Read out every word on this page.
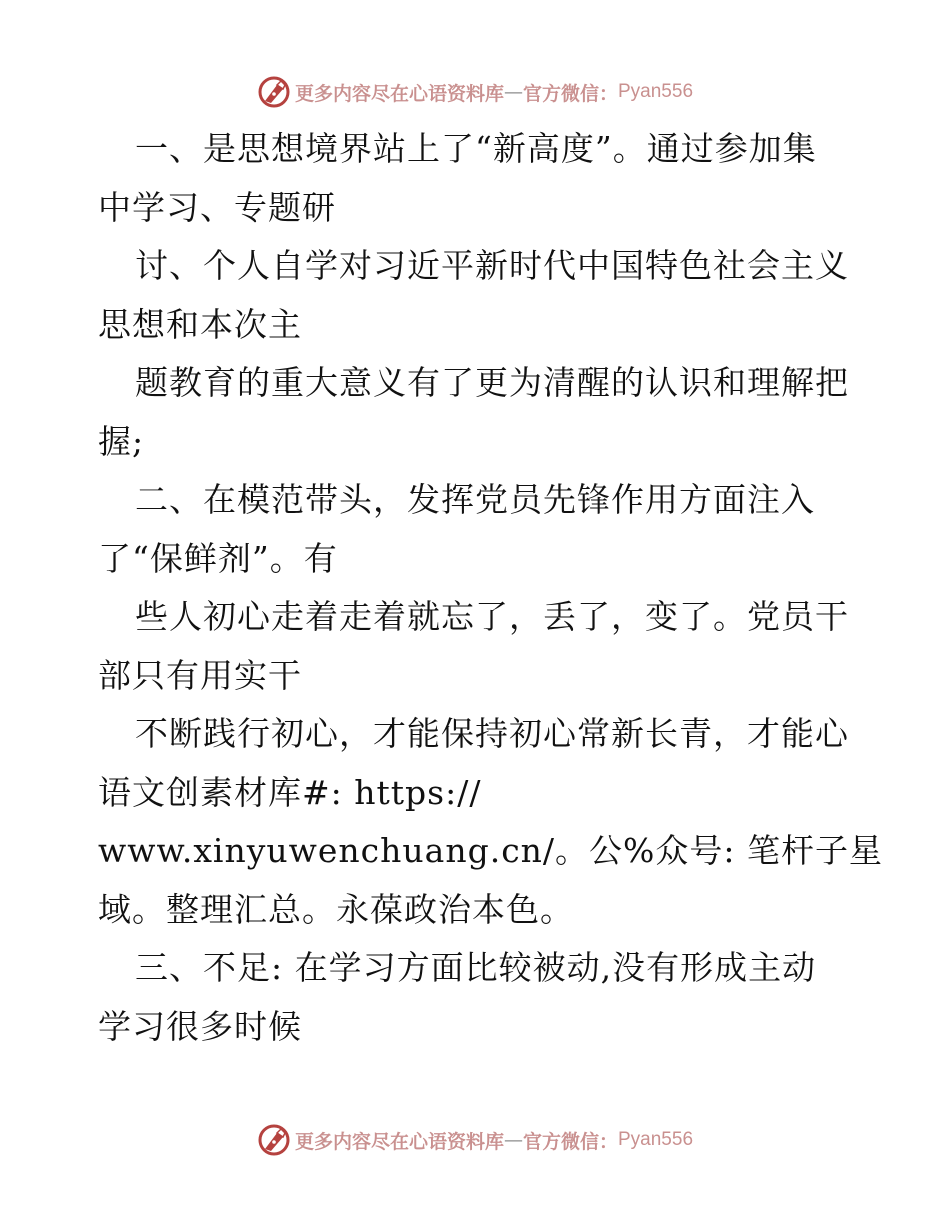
更多内容尽在心语资料库 — 官方微信： Pyan556
一、是思想境界站上了“新高度”。通过参加集
中学习、专题研
讨、个人自学对习近平新时代中国特色社会主义
思想和本次主
题教育的重大意义有了更为清醒的认识和理解把
握;
二、在模范带头，发挥党员先锋作用方面注入
了“保鲜剂”。有
些人初心走着走着就忘了，丢了，变了。党员干
部只有用实干
不断践行初心，才能保持初心常新长青，才能心
语文创素材库#: https://
www.xinyuwenchuang.cn/。公%众号: 笔杆子星
域。整理汇总。永葆政治本色。
三、不足: 在学习方面比较被动,没有形成主动
学习很多时候
更多内容尽在心语资料库 — 官方微信： Pyan556
